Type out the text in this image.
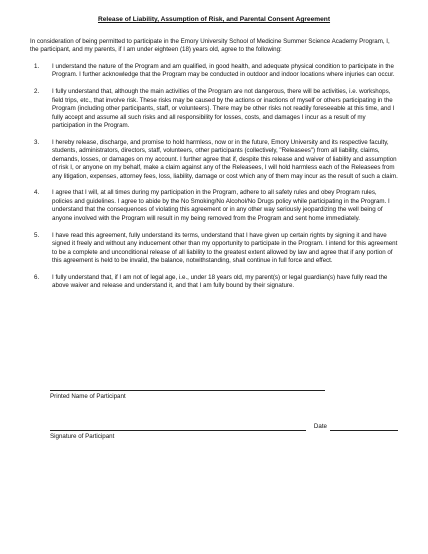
Release of Liability, Assumption of Risk, and Parental Consent Agreement
In consideration of being permitted to participate in the Emory University School of Medicine Summer Science Academy Program, I, the participant, and my parents, if I am under eighteen (18) years old, agree to the following:
1.	I understand the nature of the Program and am qualified, in good health, and adequate physical condition to participate in the Program. I further acknowledge that the Program may be conducted in outdoor and indoor locations where injuries can occur.
2.	I fully understand that, although the main activities of the Program are not dangerous, there will be activities, i.e. workshops, field trips, etc., that involve risk. These risks may be caused by the actions or inactions of myself or others participating in the Program (including other participants, staff, or volunteers). There may be other risks not readily foreseeable at this time, and I fully accept and assume all such risks and all responsibility for losses, costs, and damages I incur as a result of my participation in the Program.
3.	I hereby release, discharge, and promise to hold harmless, now or in the future, Emory University and its respective faculty, students, administrators, directors, staff, volunteers, other participants (collectively, "Releasees") from all liability, claims, demands, losses, or damages on my account. I further agree that if, despite this release and waiver of liability and assumption of risk I, or anyone on my behalf, make a claim against any of the Releasees, I will hold harmless each of the Releasees from any litigation, expenses, attorney fees, loss, liability, damage or cost which any of them may incur as the result of such a claim.
4.	I agree that I will, at all times during my participation in the Program, adhere to all safety rules and obey Program rules, policies and guidelines. I agree to abide by the No Smoking/No Alcohol/No Drugs policy while participating in the Program. I understand that the consequences of violating this agreement or in any other way seriously jeopardizing the well being of anyone involved with the Program will result in my being removed from the Program and sent home immediately.
5.	I have read this agreement, fully understand its terms, understand that I have given up certain rights by signing it and have signed it freely and without any inducement other than my opportunity to participate in the Program. I intend for this agreement to be a complete and unconditional release of all liability to the greatest extent allowed by law and agree that if any portion of this agreement is held to be invalid, the balance, notwithstanding, shall continue in full force and effect.
6.	I fully understand that, if I am not of legal age, i.e., under 18 years old, my parent(s) or legal guardian(s) have fully read the above waiver and release and understand it, and that I am fully bound by their signature.
Printed Name of Participant
Date
Signature of Participant
